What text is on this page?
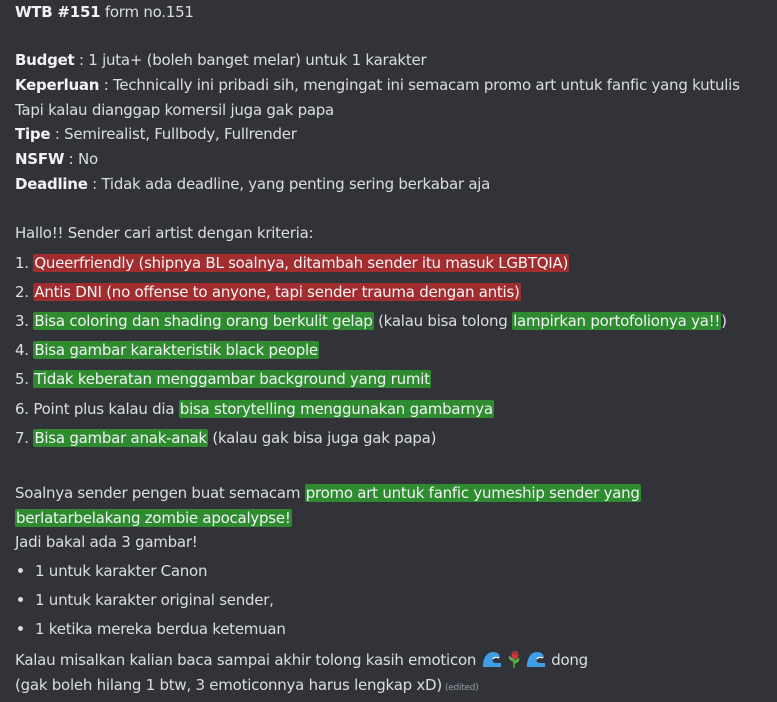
WTB #151 form no.151
Budget : 1 juta+ (boleh banget melar) untuk 1 karakter
Keperluan : Technically ini pribadi sih, mengingat ini semacam promo art untuk fanfic yang kutulis
Tapi kalau dianggap komersil juga gak papa
Tipe : Semirealist, Fullbody, Fullrender
NSFW : No
Deadline : Tidak ada deadline, yang penting sering berkabar aja
Hallo!! Sender cari artist dengan kriteria:
1. Queerfriendly (shipnya BL soalnya, ditambah sender itu masuk LGBTQIA)
2. Antis DNI (no offense to anyone, tapi sender trauma dengan antis)
3. Bisa coloring dan shading orang berkulit gelap (kalau bisa tolong lampirkan portofolionya ya!!)
4. Bisa gambar karakteristik black people
5. Tidak keberatan menggambar background yang rumit
6. Point plus kalau dia bisa storytelling menggunakan gambarnya
7. Bisa gambar anak-anak (kalau gak bisa juga gak papa)
Soalnya sender pengen buat semacam promo art untuk fanfic yumeship sender yang
berlatarbelakang zombie apocalypse!
Jadi bakal ada 3 gambar!
1 untuk karakter Canon
1 untuk karakter original sender,
1 ketika mereka berdua ketemuan
Kalau misalkan kalian baca sampai akhir tolong kasih emoticon	dong
(gak boleh hilang 1 btw, 3 emoticonnya harus lengkap xD) (edited)
